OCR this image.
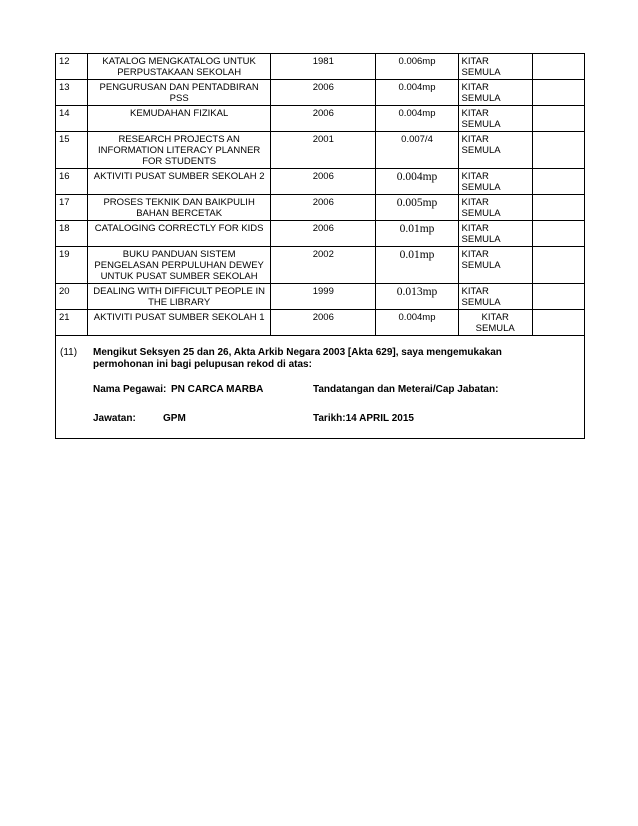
12	KATALOG MENGKATALOG UNTUK PERPUSTAKAAN SEKOLAH	1981	0.006mp	KITAR SEMULA	
13	PENGURUSAN DAN PENTADBIRAN PSS	2006	0.004mp	KITAR SEMULA	
14	KEMUDAHAN FIZIKAL	2006	0.004mp	KITAR SEMULA	
15	RESEARCH PROJECTS AN INFORMATION LITERACY PLANNER FOR STUDENTS	2001	0.007/4	KITAR SEMULA	
16	AKTIVITI PUSAT SUMBER SEKOLAH 2	2006	0.004mp	KITAR SEMULA	
17	PROSES TEKNIK DAN BAIKPULIH BAHAN BERCETAK	2006	0.005mp	KITAR SEMULA	
18	CATALOGING CORRECTLY FOR KIDS	2006	0.01mp	KITAR SEMULA	
19	BUKU PANDUAN SISTEM PENGELASAN PERPULUHAN DEWEY UNTUK PUSAT SUMBER SEKOLAH	2002	0.01mp	KITAR SEMULA	
20	DEALING WITH DIFFICULT PEOPLE IN THE LIBRARY	1999	0.013mp	KITAR SEMULA	
21	AKTIVITI PUSAT SUMBER SEKOLAH 1	2006	0.004mp	KITAR SEMULA	
(11) Mengikut Seksyen 25 dan 26, Akta Arkib Negara 2003 [Akta 629], saya mengemukakan permohonan ini bagi pelupusan rekod di atas:
Nama Pegawai: PN CARCA MARBA	Tandatangan dan Meterai/Cap Jabatan:
Jawatan:	GPM	Tarikh:14 APRIL 2015
